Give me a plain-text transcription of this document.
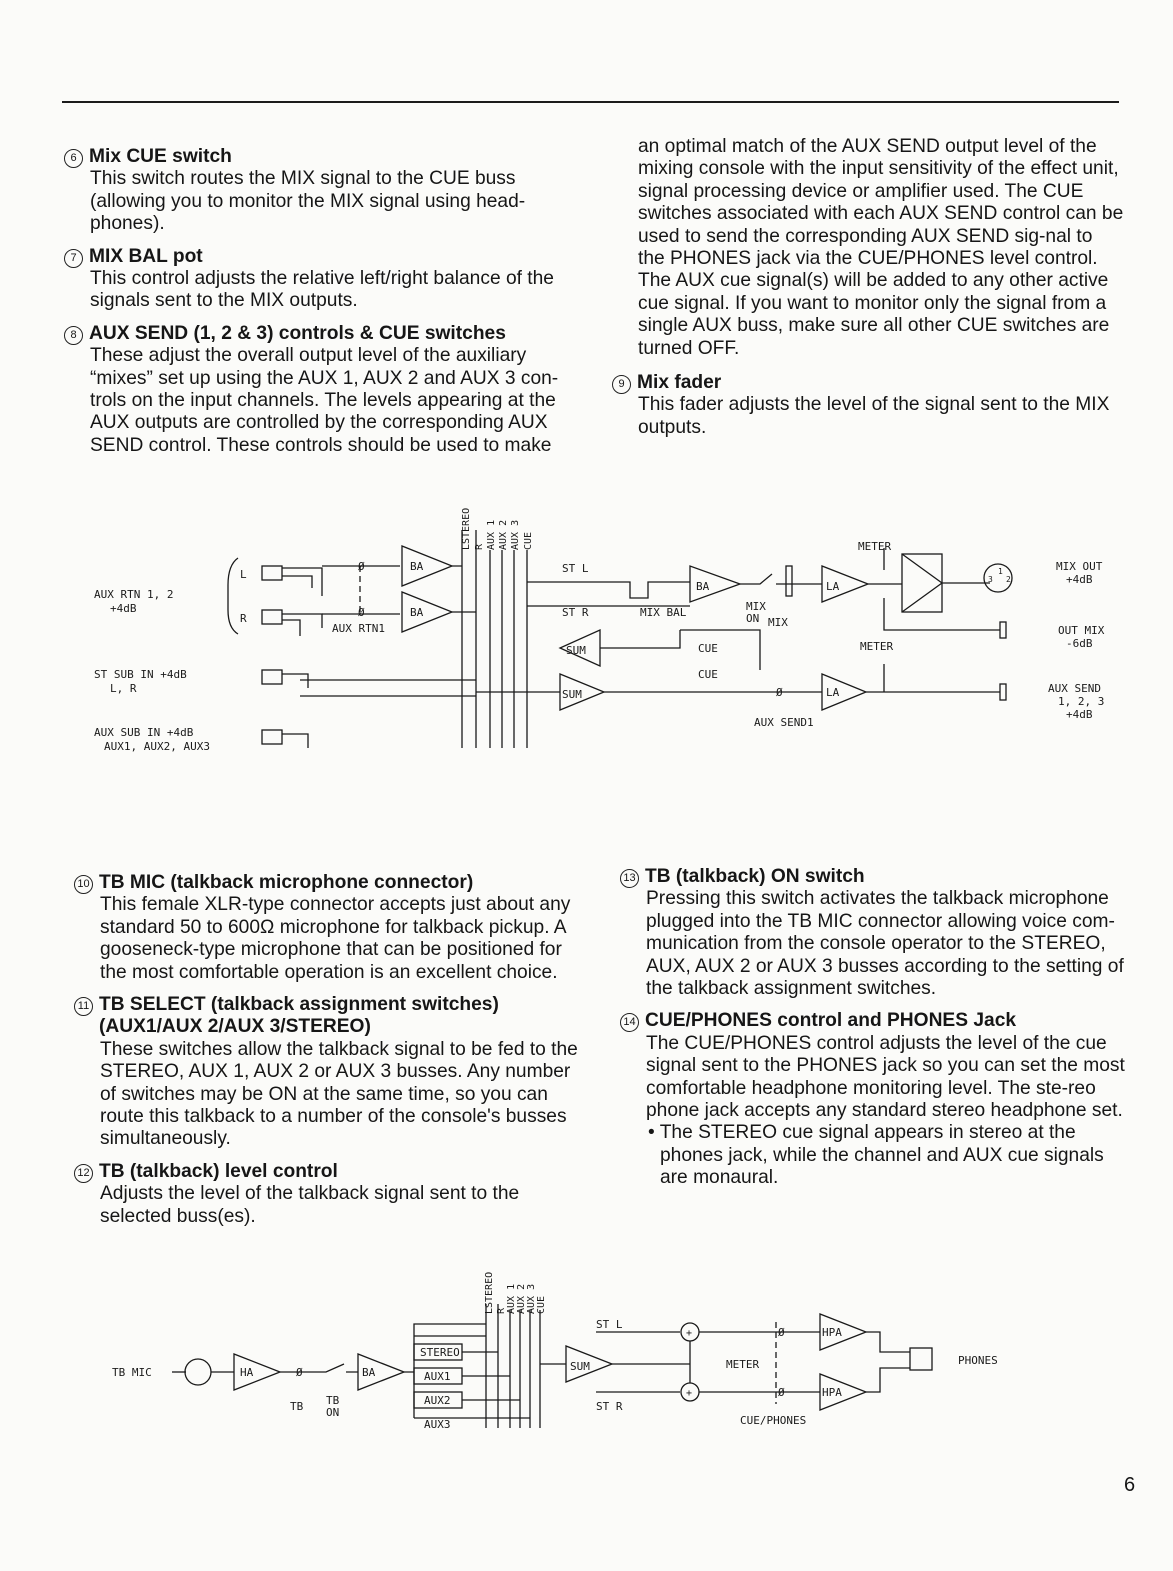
6 Mix CUE switch
This switch routes the MIX signal to the CUE buss (allowing you to monitor the MIX signal using head-phones).
7 MIX BAL pot
This control adjusts the relative left/right balance of the signals sent to the MIX outputs.
8 AUX SEND (1, 2 & 3) controls & CUE switches
These adjust the overall output level of the auxiliary “mixes” set up using the AUX 1, AUX 2 and AUX 3 con-trols on the input channels. The levels appearing at the AUX outputs are controlled by the corresponding AUX SEND control. These controls should be used to make
an optimal match of the AUX SEND output level of the mixing console with the input sensitivity of the effect unit, signal processing device or amplifier used. The CUE switches associated with each AUX SEND control can be used to send the corresponding AUX SEND sig-nal to the PHONES jack via the CUE/PHONES level control. The AUX cue signal(s) will be added to any other active cue signal. If you want to monitor only the signal from a single AUX buss, make sure all other CUE switches are turned OFF.
9 Mix fader
This fader adjusts the level of the signal sent to the MIX outputs.
STEREO
L R AUX 1 AUX 2 AUX 3 CUE
AUX RTN 1, 2
+4dB
L
R
AUX RTN1
ST SUB IN +4dB
L, R
AUX SUB IN +4dB
AUX1, AUX2, AUX3
BA
BA
Ø
Ø
ST L
ST R	MIX BAL
BA
MIX
ON MIX
LA
METER
METER
3
1
2
CUE
CUE
SUM
SUM	Ø	LA
AUX SEND1
MIX OUT
+4dB
OUT MIX
-6dB
AUX SEND
1, 2, 3
+4dB
10 TB MIC (talkback microphone connector)
This female XLR-type connector accepts just about any standard 50 to 600Ω microphone for talkback pickup. A gooseneck-type microphone that can be positioned for the most comfortable operation is an excellent choice.
11 TB SELECT (talkback assignment switches) (AUX1/AUX 2/AUX 3/STEREO)
These switches allow the talkback signal to be fed to the STEREO, AUX 1, AUX 2 or AUX 3 busses. Any number of switches may be ON at the same time, so you can route this talkback to a number of the console's busses simultaneously.
12 TB (talkback) level control
Adjusts the level of the talkback signal sent to the selected buss(es).
13 TB (talkback) ON switch
Pressing this switch activates the talkback microphone plugged into the TB MIC connector allowing voice com-munication from the console operator to the STEREO, AUX, AUX 2 or AUX 3 busses according to the setting of the talkback assignment switches.
14 CUE/PHONES control and PHONES Jack
The CUE/PHONES control adjusts the level of the cue signal sent to the PHONES jack so you can set the most comfortable headphone monitoring level. The ste-reo phone jack accepts any standard stereo headphone set.
• The STEREO cue signal appears in stereo at the phones jack, while the channel and AUX cue signals are monaural.
STEREO
L R AUX 1 AUX 2 AUX 3 CUE
TB MIC	HA	Ø	BA
TB TB
ON
STEREO
AUX1
AUX2
AUX3
ST L
ST R
SUM
+
+
METER
Ø
Ø
HPA
HPA
PHONES
CUE/PHONES
6
